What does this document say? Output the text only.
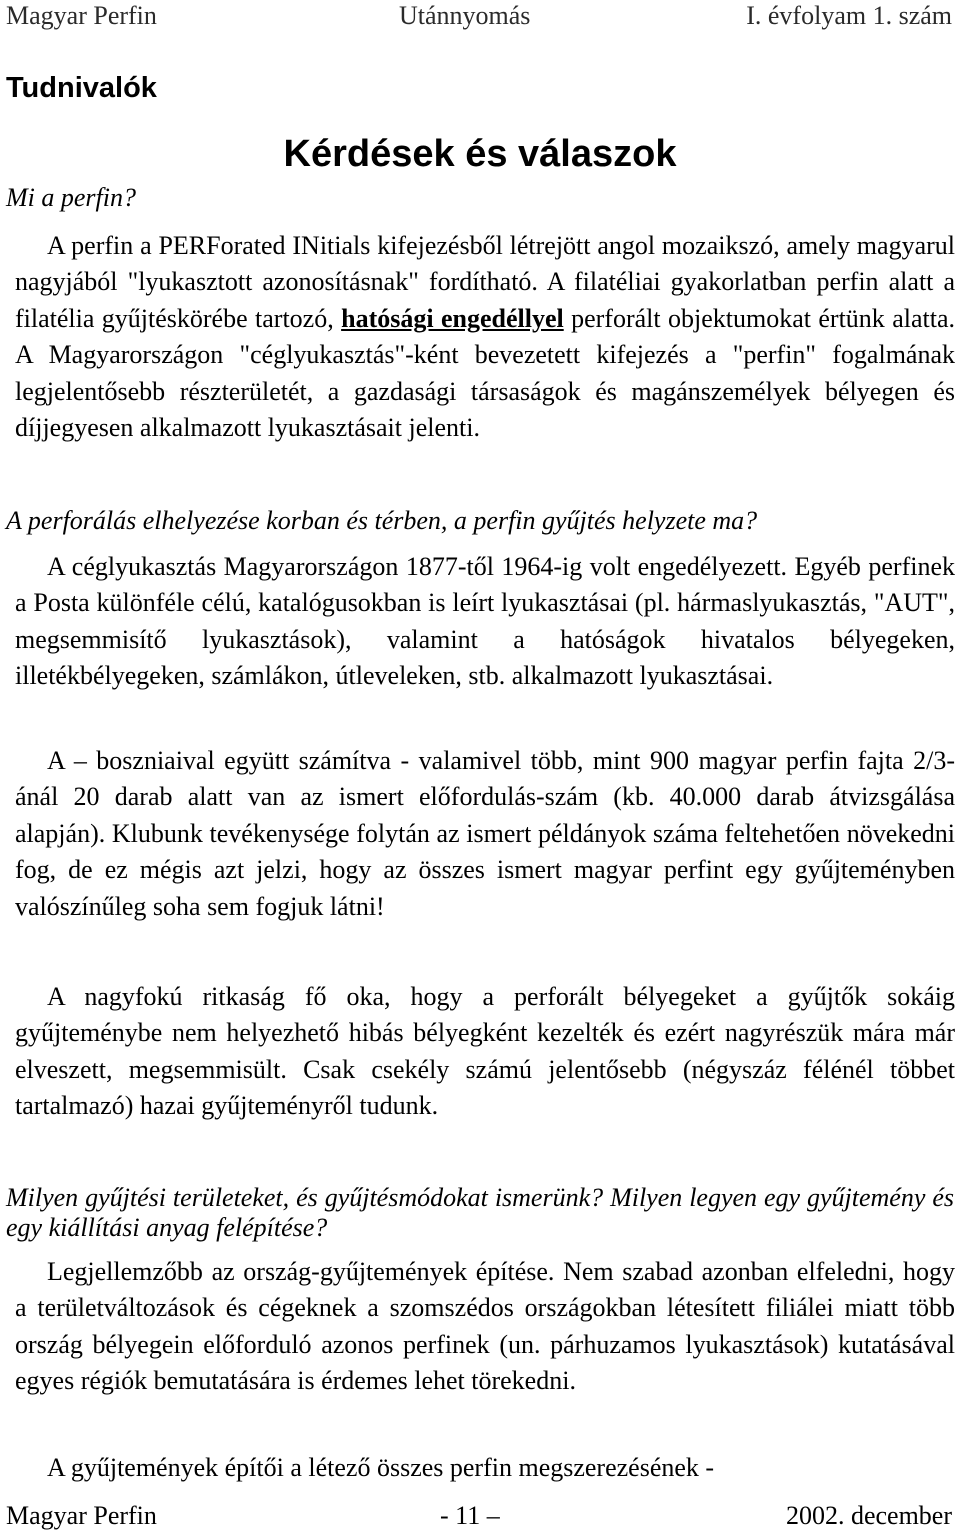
Magyar Perfin	Utánnyomás	I. évfolyam 1. szám
Tudnivalók
Kérdések és válaszok
Mi a perfin?
A perfin a PERForated INitials kifejezésből létrejött angol mozaikszó, amely magyarul nagyjából "lyukasztott azonosításnak" fordítható. A filatéliai gyakorlatban perfin alatt a filatélia gyűjtéskörébe tartozó, hatósági engedéllyel perforált objektumokat értünk alatta. A Magyarországon "céglyukasztás"-ként bevezetett kifejezés a "perfin" fogalmának legjelentősebb részterületét, a gazdasági társaságok és magánszemélyek bélyegen és díjjegyesen alkalmazott lyukasztásait jelenti.
A perforálás elhelyezése korban és térben, a perfin gyűjtés helyzete ma?
A céglyukasztás Magyarországon 1877-től 1964-ig volt engedélyezett. Egyéb perfinek a Posta különféle célú, katalógusokban is leírt lyukasztásai (pl. hármaslyukasztás, "AUT", megsemmisítő lyukasztások), valamint a hatóságok hivatalos bélyegeken, illetékbélyegeken, számlákon, útleveleken, stb. alkalmazott lyukasztásai.
A – boszniaival együtt számítva - valamivel több, mint 900 magyar perfin fajta 2/3-ánál 20 darab alatt van az ismert előfordulás-szám (kb. 40.000 darab átvizsgálása alapján). Klubunk tevékenysége folytán az ismert példányok száma feltehetően növekedni fog, de ez mégis azt jelzi, hogy az összes ismert magyar perfint egy gyűjteményben valószínűleg soha sem fogjuk látni!
A nagyfokú ritkaság fő oka, hogy a perforált bélyegeket a gyűjtők sokáig gyűjteménybe nem helyezhető hibás bélyegként kezelték és ezért nagyrészük mára már elveszett, megsemmisült. Csak csekély számú jelentősebb (négyszáz félénél többet tartalmazó) hazai gyűjteményről tudunk.
Milyen gyűjtési területeket, és gyűjtésmódokat ismerünk? Milyen legyen egy gyűjtemény és egy kiállítási anyag felépítése?
Legjellemzőbb az ország-gyűjtemények építése. Nem szabad azonban elfeledni, hogy a területváltozások és cégeknek a szomszédos országokban létesített filiálei miatt több ország bélyegein előforduló azonos perfinek (un. párhuzamos lyukasztások) kutatásával egyes régiók bemutatására is érdemes lehet törekedni.
A gyűjtemények építői a létező összes perfin megszerezésének -
Magyar Perfin	- 11 –	2002. december
